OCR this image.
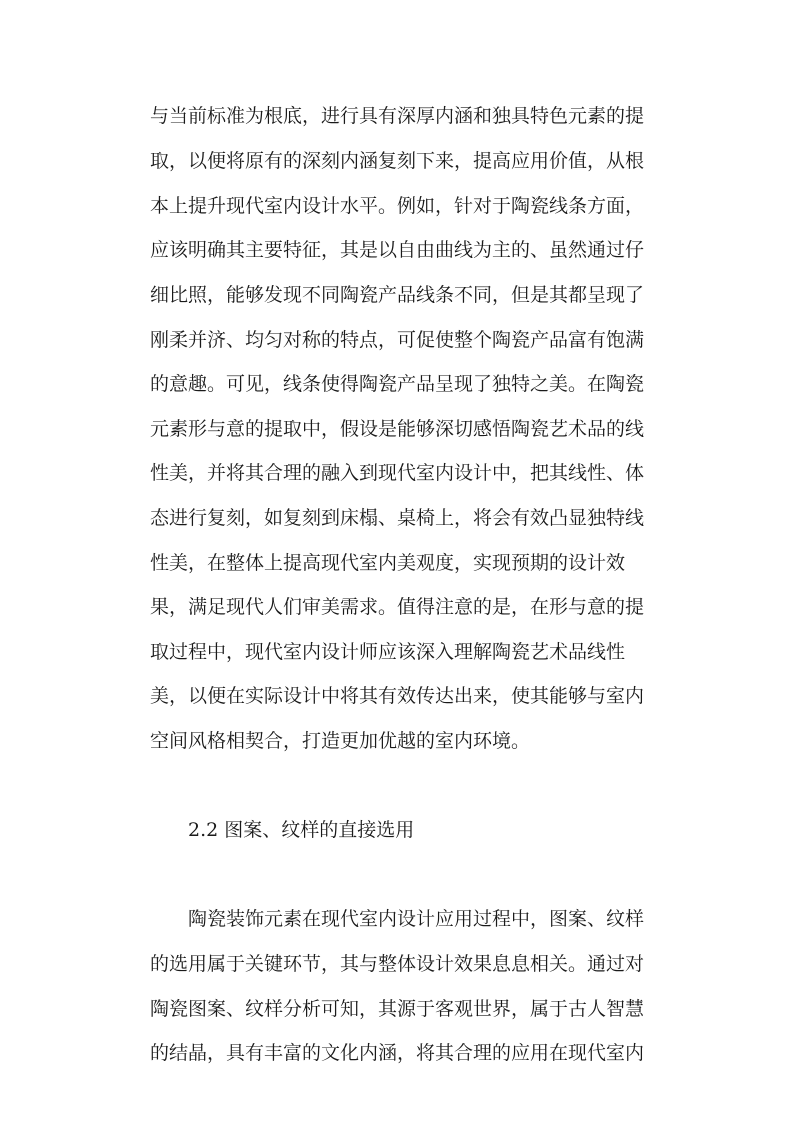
与当前标准为根底，进行具有深厚内涵和独具特色元素的提
取，以便将原有的深刻内涵复刻下来，提高应用价值，从根
本上提升现代室内设计水平。例如，针对于陶瓷线条方面，
应该明确其主要特征，其是以自由曲线为主的、虽然通过仔
细比照，能够发现不同陶瓷产品线条不同，但是其都呈现了
刚柔并济、均匀对称的特点，可促使整个陶瓷产品富有饱满
的意趣。可见，线条使得陶瓷产品呈现了独特之美。在陶瓷
元素形与意的提取中，假设是能够深切感悟陶瓷艺术品的线
性美，并将其合理的融入到现代室内设计中，把其线性、体
态进行复刻，如复刻到床榻、桌椅上，将会有效凸显独特线
性美，在整体上提高现代室内美观度，实现预期的设计效
果，满足现代人们审美需求。值得注意的是，在形与意的提
取过程中，现代室内设计师应该深入理解陶瓷艺术品线性
美，以便在实际设计中将其有效传达出来，使其能够与室内
空间风格相契合，打造更加优越的室内环境。
2.2 图案、纹样的直接选用
陶瓷装饰元素在现代室内设计应用过程中，图案、纹样
的选用属于关键环节，其与整体设计效果息息相关。通过对
陶瓷图案、纹样分析可知，其源于客观世界，属于古人智慧
的结晶，具有丰富的文化内涵，将其合理的应用在现代室内
